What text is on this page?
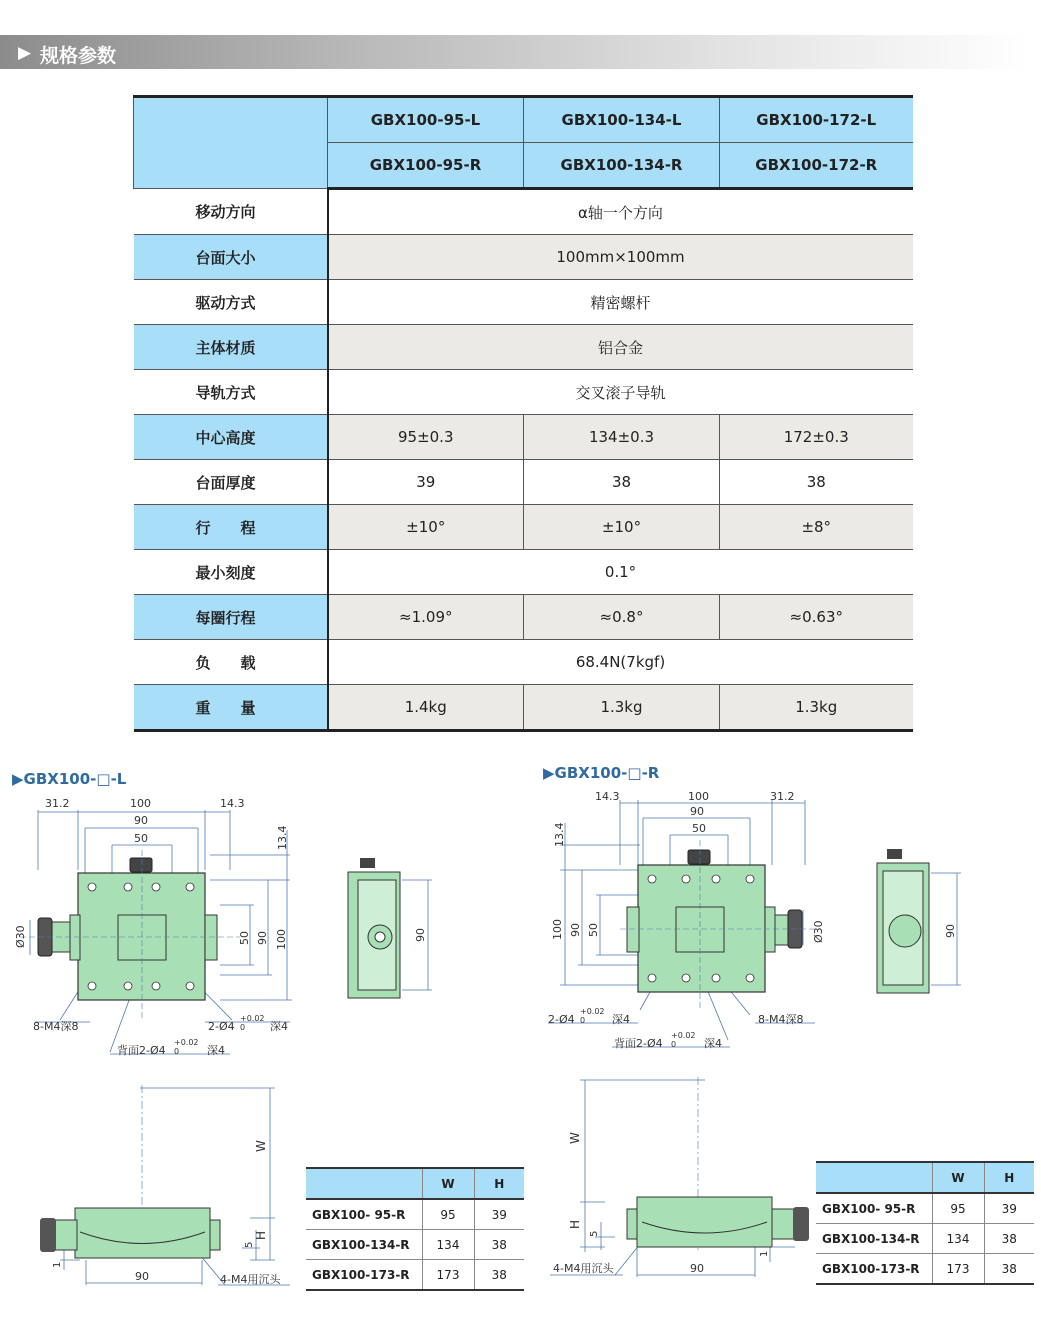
▶ 规格参数
	GBX100-95-L	GBX100-134-L	GBX100-172-L
	GBX100-95-R	GBX100-134-R	GBX100-172-R
移动方向	α轴一个方向		
台面大小	100mm×100mm		
驱动方式	精密螺杆		
主体材质	铝合金		
导轨方式	交叉滚子导轨		
中心高度	95±0.3	134±0.3	172±0.3
台面厚度	39	38	38
行　　程	±10°	±10°	±8°
最小刻度	0.1°		
每圈行程	≈1.09°	≈0.8°	≈0.63°
负　　载	68.4N(7kgf)		
重　　量	1.4kg	1.3kg	1.3kg
▶GBX100-□-L	▶GBX100-□-R
31.2	100	14.3
90
50	13.4
Ø30	50 90 100
8-M4深8	2-Ø4
+0.02
0 深4
背面2-Ø4
+0.02
0	深4
90
14.3	100	31.2
90
50
13.4
100 90 50	Ø30
2-Ø4
+0.02
0 深4	8-M4深8
背面2-Ø4
+0.02
0	深4
90
W
H
5
1
90	4-M4用沉头
W
H
5
1
90
4-M4用沉头
	W	H
GBX100- 95-R	95	39
GBX100-134-R	134	38
GBX100-173-R	173	38
	W	H
GBX100- 95-R	95	39
GBX100-134-R	134	38
GBX100-173-R	173	38
